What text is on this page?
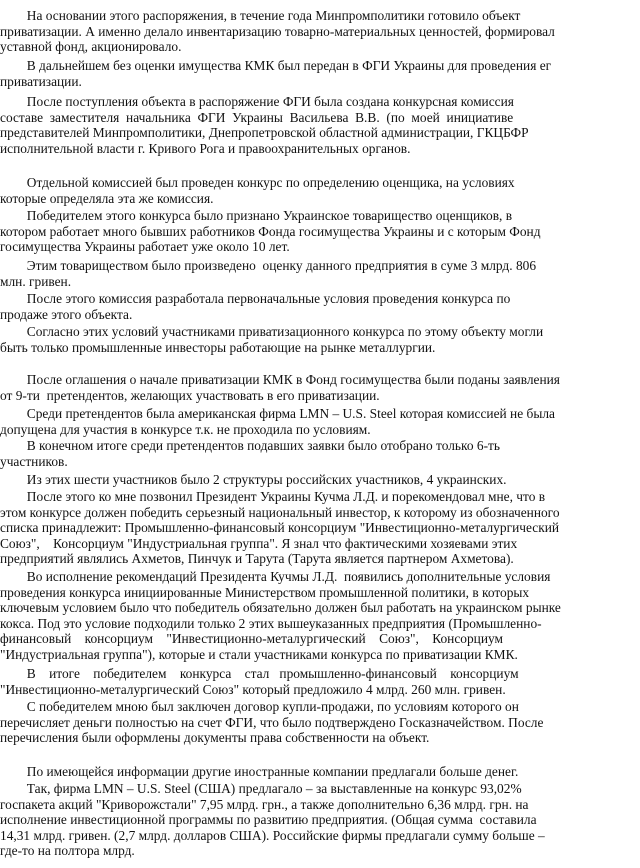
На основании этого распоряжения, в течение года Минпромполитики готовило объект
приватизации. А именно делало инвентаризацию товарно-материальных ценностей, формировал
уставной фонд, акционировало.
В дальнейшем без оценки имущества КМК был передан в ФГИ Украины для проведения ег
приватизации.
После поступления объекта в распоряжение ФГИ была создана конкурсная комиссия
составе  заместителя  начальника  ФГИ  Украины  Васильева  В.В.  (по  моей  инициативе
представителей Минпромполитики, Днепропетровской областной администрации, ГКЦБФР
исполнительной власти г. Кривого Рога и правоохранительных органов.
Отдельной комиссией был проведен конкурс по определению оценщика, на условиях
которые определяла эта же комиссия.
Победителем этого конкурса было признано Украинское товарищество оценщиков, в
котором работает много бывших работников Фонда госимущества Украины и с которым Фонд
госимущества Украины работает уже около 10 лет.
Этим товариществом было произведено  оценку данного предприятия в суме 3 млрд. 806
млн. гривен.
После этого комиссия разработала первоначальные условия проведения конкурса по
продаже этого объекта.
Согласно этих условий участниками приватизационного конкурса по этому объекту могли
быть только промышленные инвесторы работающие на рынке металлургии.
После оглашения о начале приватизации КМК в Фонд госимущества были поданы заявления
от 9-ти  претендентов, желающих участвовать в его приватизации.
Среди претендентов была американская фирма LMN – U.S. Steel которая комиссией не была
допущена для участия в конкурсе т.к. не проходила по условиям.
В конечном итоге среди претендентов подавших заявки было отобрано только 6-ть
участников.
Из этих шести участников было 2 структуры российских участников, 4 украинских.
После этого ко мне позвонил Президент Украины Кучма Л.Д. и порекомендовал мне, что в
этом конкурсе должен победить серьезный национальный инвестор, к которому из обозначенного
списка принадлежит: Промышленно-финансовый консорциум "Инвестиционно-металургический
Союз",    Консорциум "Индустриальная группа". Я знал что фактическими хозяевами этих
предприятий являлись Ахметов, Пинчук и Тарута (Тарута является партнером Ахметова).
Во исполнение рекомендаций Президента Кучмы Л.Д.  появились дополнительные условия
проведения конкурса инициированные Министерством промышленной политики, в которых
ключевым условием было что победитель обязательно должен был работать на украинском рынке
кокса. Под это условие подходили только 2 этих вышеуказанных предприятия (Промышленно-
финансовый    консорциум    "Инвестиционно-металургический    Союз",    Консорциум
"Индустриальная группа"), которые и стали участниками конкурса по приватизации КМК.
В    итоге    победителем    конкурса    стал   промышленно-финансовый    консорциум
"Инвестиционно-металургический Союз" который предложило 4 млрд. 260 млн. гривен.
С победителем мною был заключен договор купли-продажи, по условиям которого он
перечисляет деньги полностью на счет ФГИ, что было подтверждено Госказначейством. После
перечисления были оформлены документы права собственности на объект.
По имеющейся информации другие иностранные компании предлагали больше денег.
Так, фирма LMN – U.S. Steel (США) предлагало – за выставленные на конкурс 93,02%
госпакета акций "Криворожстали" 7,95 млрд. грн., а также дополнительно 6,36 млрд. грн. на
исполнение инвестиционной программы по развитию предприятия. (Общая сумма  составила
14,31 млрд. гривен. (2,7 млрд. долларов США). Российские фирмы предлагали сумму больше –
где-то на полтора млрд.
